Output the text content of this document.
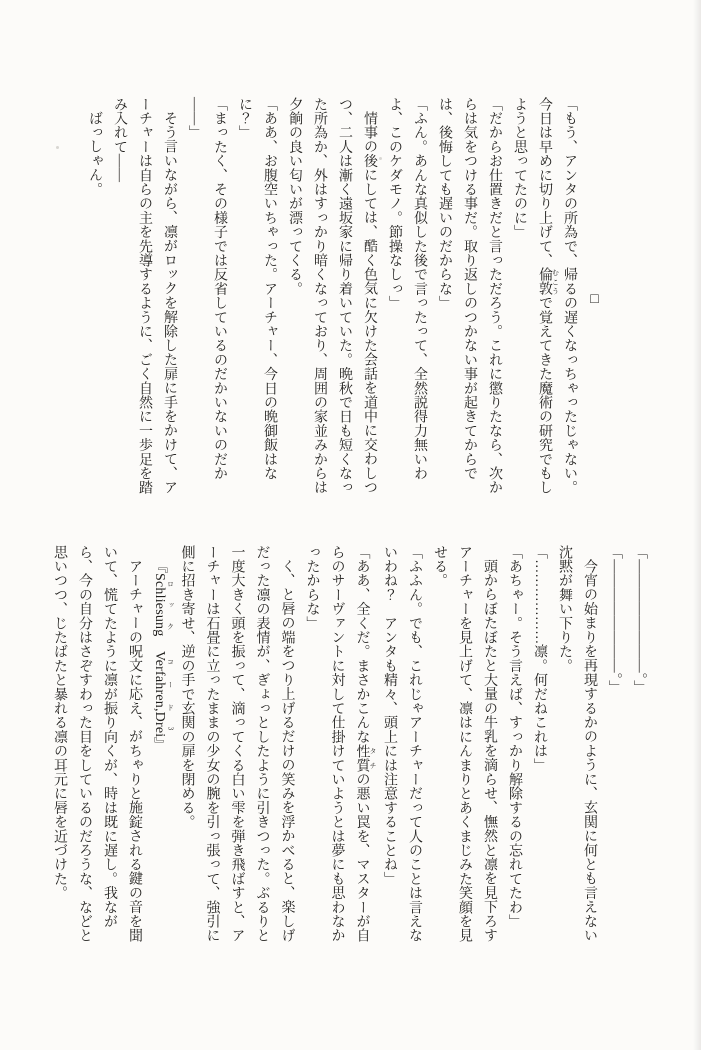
□

「もう、アンタの所為で、帰るの遅くなっちゃったじゃない。今日は早めに切り上げて、倫敦 むこうで覚えてきた魔術の研究でもしようと思ってたのに」

「だからお仕置きだと言っただろう。これに懲りたなら、次からは気をつける事だ。取り返しのつかない事が起きてからでは、後悔しても遅いのだからな」

「ふん。あんな真似した後で言ったって、全然説得力無いわよ、このケダモノ。節操なしっ」

情事の後にしては、酷く色気に欠けた会話を道中に交わしつつ、二人は漸く遠坂家に帰り着いていた。晩秋で日も短くなった所為か、外はすっかり暗くなっており、周囲の家並みからは夕餉の良い匂いが漂ってくる。

「ああ、お腹空いちゃった。アーチャー、今日の晩御飯はなに？」

「まったく、その様子では反省しているのだかいないのだか――」

そう言いながら、凛がロックを解除した扉に手をかけて、アーチャーは自らの主を先導するように、ごく自然に一歩足を踏み入れて――

ばっしゃん。

「――――――――。」

「――――――――。」

今宵の始まりを再現するかのように、玄関に何とも言えない沈黙が舞い下りた。

「………………凛。何だねこれは」

「あちゃー。そう言えば、すっかり解除するの忘れてたわ」

頭からぼたぼたと大量の牛乳を滴らせ、憮然と凛を見下ろすアーチャーを見上げて、凛はにんまりとあくまじみた笑顔を見せる。

「ふふん。でも、これじゃアーチャーだって人のことは言えないわね？　アンタも精々、頭上には注意することね」

「ああ、全くだ。まさかこんな性質 タチの悪い罠を、マスターが自らのサーヴァントに対して仕掛けていようとは夢にも思わなかったからな」

く、と唇の端をつり上げるだけの笑みを浮かべると、楽しげだった凛の表情が、ぎょっとしたように引きつった。ぶるりと一度大きく頭を振って、滴ってくる白い雫を弾き飛ばすと、アーチャーは石畳に立ったままの少女の腕を引っ張って、強引に側に招き寄せ、逆の手で玄関の扉を閉める。

『Schliesung ロック　Verfahren,Drei コード3』

アーチャーの呪文に応え、がちゃりと施錠される鍵の音を聞いて、慌てたように凛が振り向くが、時は既に遅し。我ながら、今の自分はさぞすわった目をしているのだろうな、などと思いつつ、じたばたと暴れる凛の耳元に唇を近づけた。
